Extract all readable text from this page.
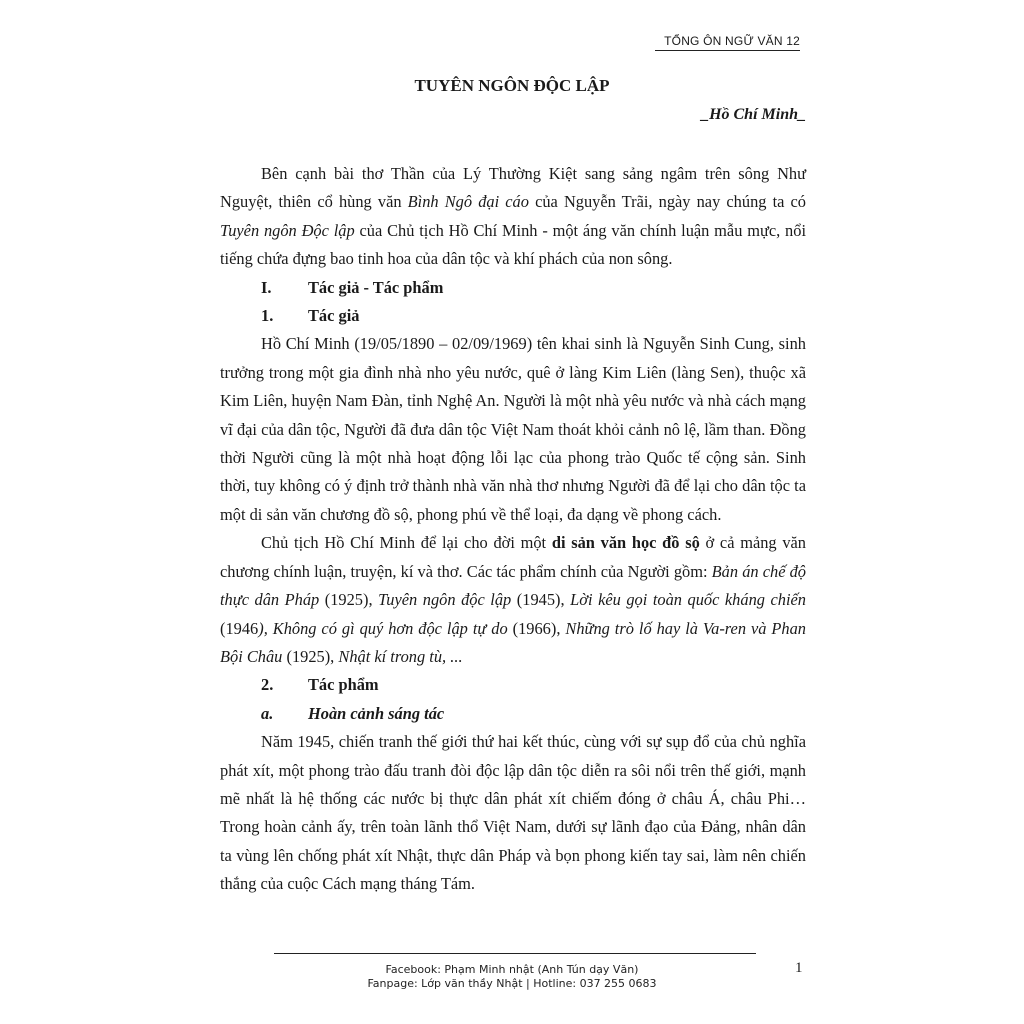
TỔNG ÔN NGỮ VĂN 12
TUYÊN NGÔN ĐỘC LẬP
_Hồ Chí Minh_

Bên cạnh bài thơ Thần của Lý Thường Kiệt sang sảng ngâm trên sông Như Nguyệt, thiên cổ hùng văn Bình Ngô đại cáo của Nguyễn Trãi, ngày nay chúng ta có Tuyên ngôn Độc lập của Chủ tịch Hồ Chí Minh - một áng văn chính luận mẫu mực, nổi tiếng chứa đựng bao tinh hoa của dân tộc và khí phách của non sông.

I. Tác giả - Tác phẩm
1. Tác giả

Hồ Chí Minh (19/05/1890 – 02/09/1969) tên khai sinh là Nguyễn Sinh Cung, sinh trưởng trong một gia đình nhà nho yêu nước, quê ở làng Kim Liên (làng Sen), thuộc xã Kim Liên, huyện Nam Đàn, tỉnh Nghệ An. Người là một nhà yêu nước và nhà cách mạng vĩ đại của dân tộc, Người đã đưa dân tộc Việt Nam thoát khỏi cảnh nô lệ, lầm than. Đồng thời Người cũng là một nhà hoạt động lỗi lạc của phong trào Quốc tế cộng sản. Sinh thời, tuy không có ý định trở thành nhà văn nhà thơ nhưng Người đã để lại cho dân tộc ta một di sản văn chương đồ sộ, phong phú về thể loại, đa dạng về phong cách.

Chủ tịch Hồ Chí Minh để lại cho đời một di sản văn học đồ sộ ở cả mảng văn chương chính luận, truyện, kí và thơ. Các tác phẩm chính của Người gồm: Bản án chế độ thực dân Pháp (1925), Tuyên ngôn độc lập (1945), Lời kêu gọi toàn quốc kháng chiến (1946), Không có gì quý hơn độc lập tự do (1966), Những trò lố hay là Va-ren và Phan Bội Châu (1925), Nhật kí trong tù, ...

2. Tác phẩm
a. Hoàn cảnh sáng tác

Năm 1945, chiến tranh thế giới thứ hai kết thúc, cùng với sự sụp đổ của chủ nghĩa phát xít, một phong trào đấu tranh đòi độc lập dân tộc diễn ra sôi nổi trên thế giới, mạnh mẽ nhất là hệ thống các nước bị thực dân phát xít chiếm đóng ở châu Á, châu Phi…Trong hoàn cảnh ấy, trên toàn lãnh thổ Việt Nam, dưới sự lãnh đạo của Đảng, nhân dân ta vùng lên chống phát xít Nhật, thực dân Pháp và bọn phong kiến tay sai, làm nên chiến thắng của cuộc Cách mạng tháng Tám.

Facebook: Phạm Minh nhật (Anh Tún dạy Văn)
Fanpage: Lớp văn thầy Nhật | Hotline: 037 255 0683
1
